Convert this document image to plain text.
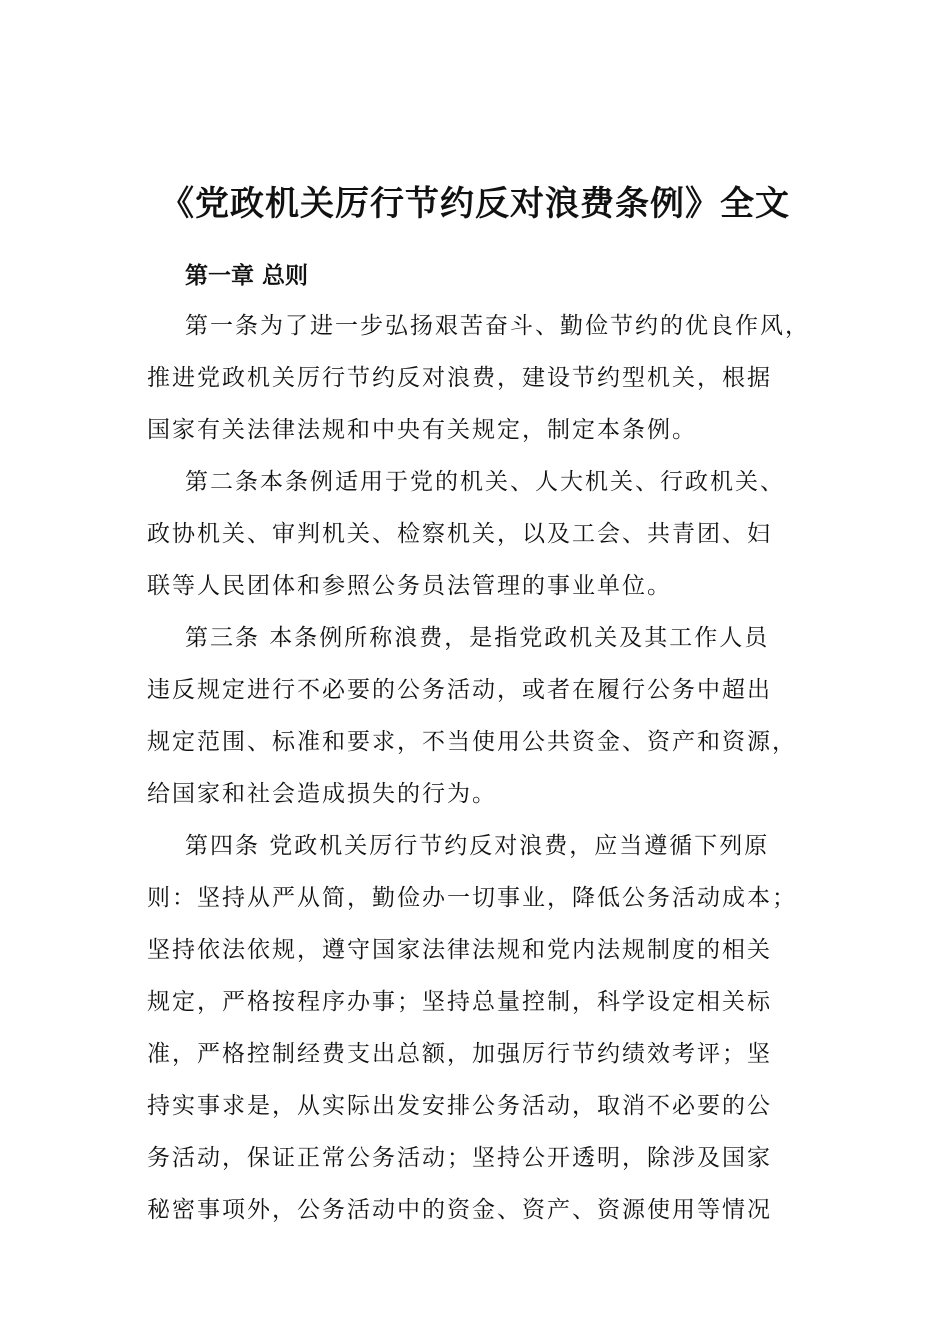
《党政机关厉行节约反对浪费条例》全文
第一章 总则
第一条为了进一步弘扬艰苦奋斗、勤俭节约的优良作风，
推进党政机关厉行节约反对浪费，建设节约型机关，根据
国家有关法律法规和中央有关规定，制定本条例。
第二条本条例适用于党的机关、人大机关、行政机关、
政协机关、审判机关、检察机关，以及工会、共青团、妇
联等人民团体和参照公务员法管理的事业单位。
第三条 本条例所称浪费，是指党政机关及其工作人员
违反规定进行不必要的公务活动，或者在履行公务中超出
规定范围、标准和要求，不当使用公共资金、资产和资源，
给国家和社会造成损失的行为。
第四条 党政机关厉行节约反对浪费，应当遵循下列原
则：坚持从严从简，勤俭办一切事业，降低公务活动成本；
坚持依法依规，遵守国家法律法规和党内法规制度的相关
规定，严格按程序办事；坚持总量控制，科学设定相关标
准，严格控制经费支出总额，加强厉行节约绩效考评；坚
持实事求是，从实际出发安排公务活动，取消不必要的公
务活动，保证正常公务活动；坚持公开透明，除涉及国家
秘密事项外，公务活动中的资金、资产、资源使用等情况
